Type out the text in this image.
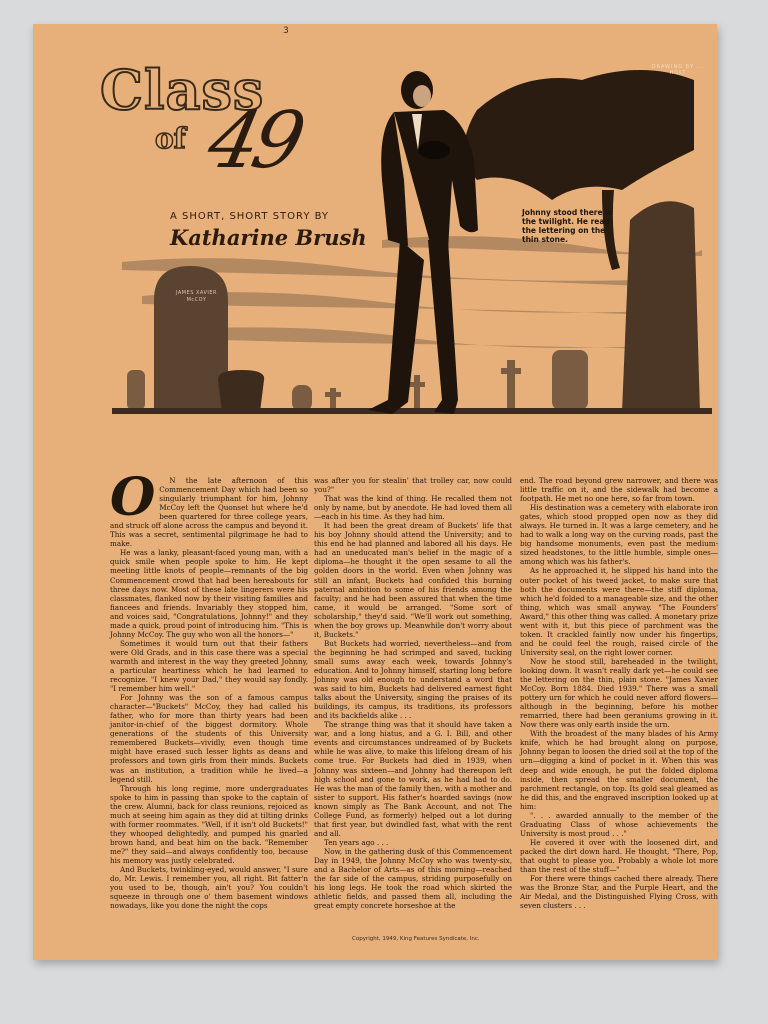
3
Class
of 49
A SHORT, SHORT STORY BY
Katharine Brush
DRAWING BY ... HOLT
JAMES XAVIER McCOY
Johnny stood there in the twilight. He read the lettering on the thin stone.
O	N the late afternoon of this Commencement Day which had been so singularly triumphant for him, Johnny McCoy left the Quonset hut where he'd been quartered for three college years, and struck off alone across the campus and beyond it. This was a secret, sentimental pilgrimage he had to make.

He was a lanky, pleasant-faced young man, with a quick smile when people spoke to him. He kept meeting little knots of people—remnants of the big Commencement crowd that had been hereabouts for three days now. Most of these late lingerers were his classmates, flanked now by their visiting families and fiancees and friends. Invariably they stopped him, and voices said, "Congratulations, Johnny!" and they made a quick, proud point of introducing him. "This is Johnny McCoy. The guy who won all the honors—"

Sometimes it would turn out that their fathers were Old Grads, and in this case there was a special warmth and interest in the way they greeted Johnny, a particular heartiness which he had learned to recognize. "I knew your Dad," they would say fondly. "I remember him well."

For Johnny was the son of a famous campus character—"Buckets" McCoy, they had called his father, who for more than thirty years had been janitor-in-chief of the biggest dormitory. Whole generations of the students of this University remembered Buckets—vividly, even though time might have erased such lesser lights as deans and professors and town girls from their minds. Buckets was an institution, a tradition while he lived—a legend still.

Through his long regime, more undergraduates spoke to him in passing than spoke to the captain of the crew. Alumni, back for class reunions, rejoiced as much at seeing him again as they did at tilting drinks with former roommates. "Well, if it isn't old Buckets!" they whooped delightedly, and pumped his gnarled brown hand, and beat him on the back. "Remember me?" they said—and always confidently too, because his memory was justly celebrated.

And Buckets, twinkling-eyed, would answer, "I sure do, Mr. Lewis. I remember you, all right. Bit fatter'n you used to be, though, ain't you? You couldn't squeeze in through one o' them basement windows nowadays, like you done the night the cops

was after you for stealin' that trolley car, now could you?"

That was the kind of thing. He recalled them not only by name, but by anecdote. He had loved them all—each in his time. As they had him.

It had been the great dream of Buckets' life that his boy Johnny should attend the University; and to this end he had planned and labored all his days. He had an uneducated man's belief in the magic of a diploma—he thought it the open sesame to all the golden doors in the world. Even when Johnny was still an infant, Buckets had confided this burning paternal ambition to some of his friends among the faculty; and he had been assured that when the time came, it would be arranged. "Some sort of scholarship," they'd said. "We'll work out something, when the boy grows up. Meanwhile don't worry about it, Buckets."

But Buckets had worried, nevertheless—and from the beginning he had scrimped and saved, tucking small sums away each week, towards Johnny's education. And to Johnny himself, starting long before Johnny was old enough to understand a word that was said to him, Buckets had delivered earnest fight talks about the University, singing the praises of its buildings, its campus, its traditions, its professors and its backfields alike . . .

The strange thing was that it should have taken a war, and a long hiatus, and a G. I. Bill, and other events and circumstances undreamed of by Buckets while he was alive, to make this lifelong dream of his come true. For Buckets had died in 1939, when Johnny was sixteen—and Johnny had thereupon left high school and gone to work, as he had had to do. He was the man of the family then, with a mother and sister to support. His father's hoarded savings (now known simply as The Bank Account, and not The College Fund, as formerly) helped out a lot during that first year, but dwindled fast, what with the rent and all.

Ten years ago . . .

Now, in the gathering dusk of this Commencement Day in 1949, the Johnny McCoy who was twenty-six, and a Bachelor of Arts—as of this morning—reached the far side of the campus, striding purposefully on his long legs. He took the road which skirted the athletic fields, and passed them all, including the great empty concrete horseshoe at the

end. The road beyond grew narrower, and there was little traffic on it, and the sidewalk had become a footpath. He met no one here, so far from town.

His destination was a cemetery with elaborate iron gates, which stood propped open now as they did always. He turned in. It was a large cemetery, and he had to walk a long way on the curving roads, past the big handsome monuments, even past the medium-sized headstones, to the little humble, simple ones—among which was his father's.

As he approached it, he slipped his hand into the outer pocket of his tweed jacket, to make sure that both the documents were there—the stiff diploma, which he'd folded to a manageable size, and the other thing, which was small anyway. "The Founders' Award," this other thing was called. A monetary prize went with it, but this piece of parchment was the token. It crackled faintly now under his fingertips, and he could feel the rough, raised circle of the University seal, on the right lower corner.

Now he stood still, bareheaded in the twilight, looking down. It wasn't really dark yet—he could see the lettering on the thin, plain stone. "James Xavier McCoy. Born 1884. Died 1939." There was a small pottery urn for which he could never afford flowers—although in the beginning, before his mother remarried, there had been geraniums growing in it. Now there was only earth inside the urn.

With the broadest of the many blades of his Army knife, which he had brought along on purpose, Johnny began to loosen the dried soil at the top of the urn—digging a kind of pocket in it. When this was deep and wide enough, he put the folded diploma inside, then spread the smaller document, the parchment rectangle, on top. Its gold seal gleamed as he did this, and the engraved inscription looked up at him:

". . . awarded annually to the member of the Graduating Class of whose achievements the University is most proud . . ."

He covered it over with the loosened dirt, and packed the dirt down hard. He thought, "There, Pop, that ought to please you. Probably a whole lot more than the rest of the stuff—"

For there were things cached there already. There was the Bronze Star, and the Purple Heart, and the Air Medal, and the Distinguished Flying Cross, with seven clusters . . .

Copyright, 1949, King Features Syndicate, Inc.
